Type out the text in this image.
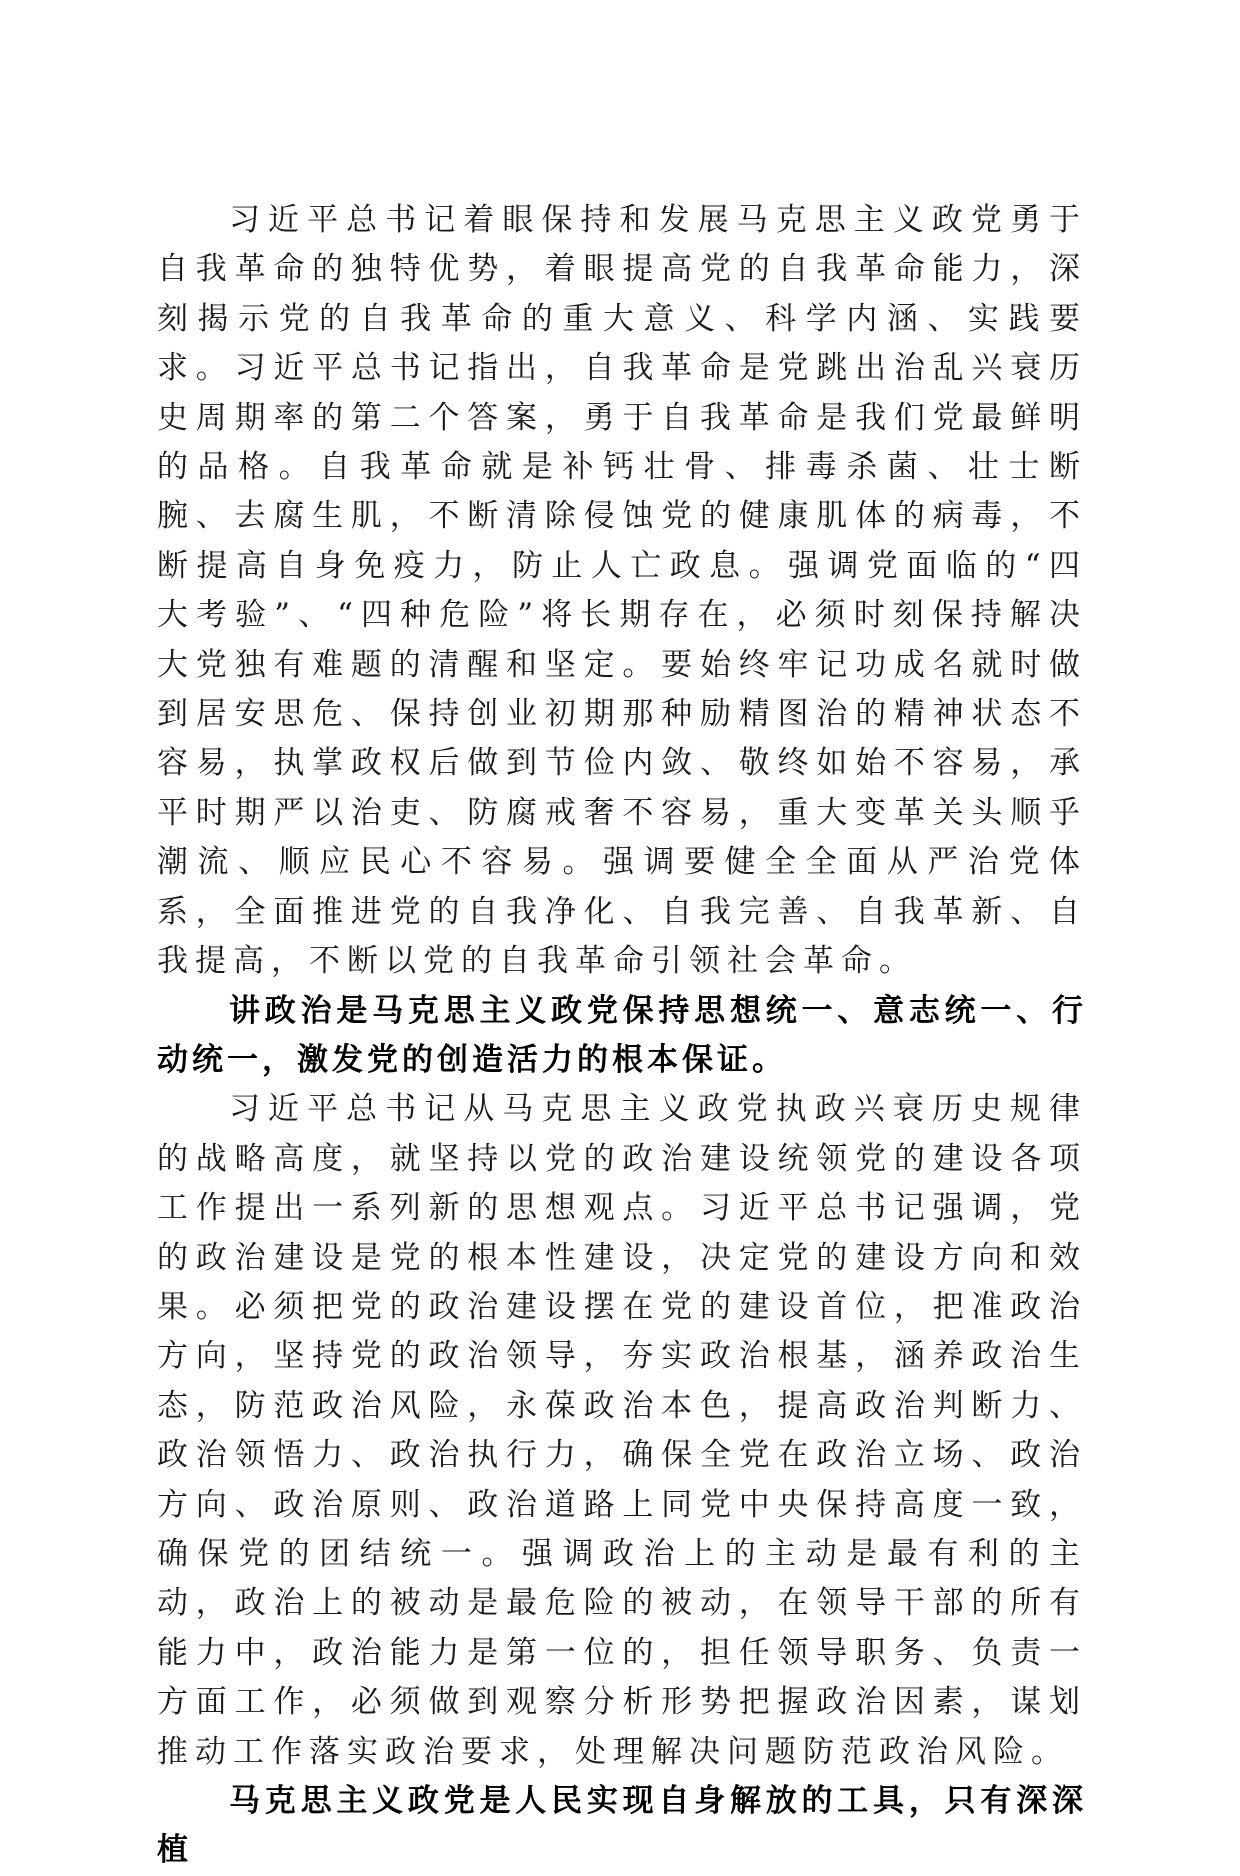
习近平总书记着眼保持和发展马克思主义政党勇于自我革命的独特优势，着眼提高党的自我革命能力，深刻揭示党的自我革命的重大意义、科学内涵、实践要求。习近平总书记指出，自我革命是党跳出治乱兴衰历史周期率的第二个答案，勇于自我革命是我们党最鲜明的品格。自我革命就是补钙壮骨、排毒杀菌、壮士断腕、去腐生肌，不断清除侵蚀党的健康肌体的病毒，不断提高自身免疫力，防止人亡政息。强调党面临的“四大考验”、“四种危险”将长期存在，必须时刻保持解决大党独有难题的清醒和坚定。要始终牢记功成名就时做到居安思危、保持创业初期那种励精图治的精神状态不容易，执掌政权后做到节俭内敛、敬终如始不容易，承平时期严以治吏、防腐戒奢不容易，重大变革关头顺乎潮流、顺应民心不容易。强调要健全全面从严治党体系，全面推进党的自我净化、自我完善、自我革新、自我提高，不断以党的自我革命引领社会革命。

讲政治是马克思主义政党保持思想统一、意志统一、行动统一，激发党的创造活力的根本保证。

习近平总书记从马克思主义政党执政兴衰历史规律的战略高度，就坚持以党的政治建设统领党的建设各项工作提出一系列新的思想观点。习近平总书记强调，党的政治建设是党的根本性建设，决定党的建设方向和效果。必须把党的政治建设摆在党的建设首位，把准政治方向，坚持党的政治领导，夯实政治根基，涵养政治生态，防范政治风险，永葆政治本色，提高政治判断力、政治领悟力、政治执行力，确保全党在政治立场、政治方向、政治原则、政治道路上同党中央保持高度一致，确保党的团结统一。强调政治上的主动是最有利的主动，政治上的被动是最危险的被动，在领导干部的所有能力中，政治能力是第一位的，担任领导职务、负责一方面工作，必须做到观察分析形势把握政治因素，谋划推动工作落实政治要求，处理解决问题防范政治风险。

马克思主义政党是人民实现自身解放的工具，只有深深植
